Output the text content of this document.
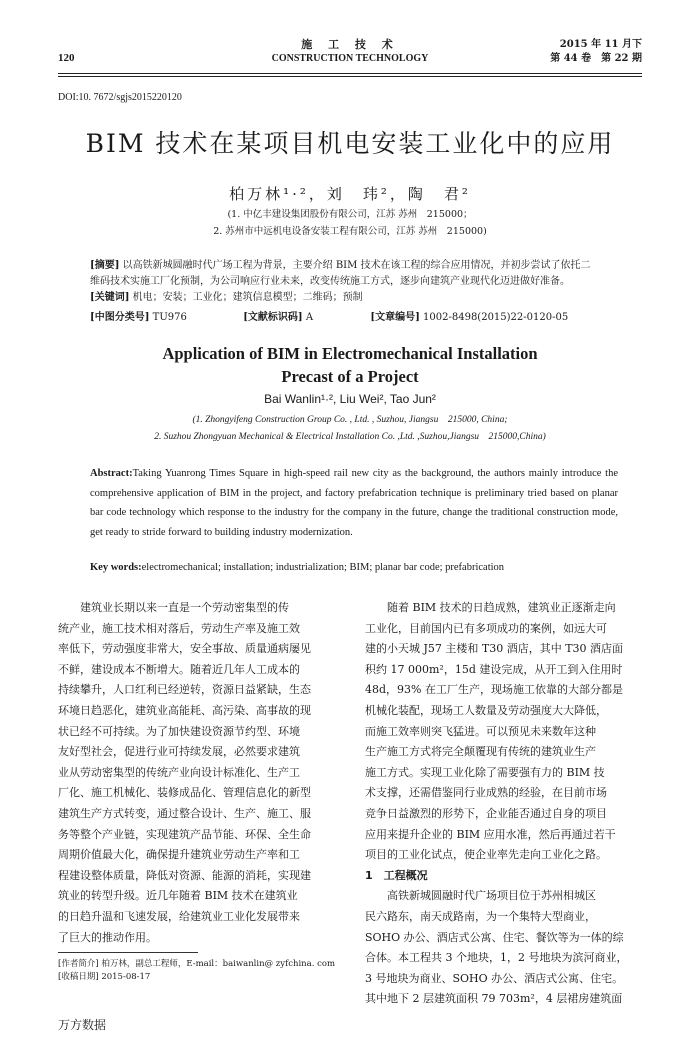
120
施 工 技 术
CONSTRUCTION TECHNOLOGY
2015 年 11 月下
第 44 卷　第 22 期
DOI:10. 7672/sgjs2015220120
BIM 技术在某项目机电安装工业化中的应用
柏万林¹·²，刘　玮²，陶　君²
(1. 中亿丰建设集团股份有限公司，江苏 苏州　215000；
2. 苏州市中远机电设备安装工程有限公司，江苏 苏州　215000)
[摘要] 以高铁新城圆融时代广场工程为背景，主要介绍 BIM 技术在该工程的综合应用情况，并初步尝试了依托二
维码技术实施工厂化预制，为公司响应行业未来，改变传统施工方式，逐步向建筑产业现代化迈进做好准备。
[关键词] 机电；安装；工业化；建筑信息模型；二维码；预制
[中图分类号] TU976	[文献标识码] A	[文章编号] 1002-8498(2015)22-0120-05
Application of BIM in Electromechanical Installation
Precast of a Project
Bai Wanlin¹·², Liu Wei², Tao Jun²
(1. Zhongyifeng Construction Group Co. , Ltd. , Suzhou, Jiangsu　215000, China;
2. Suzhou Zhongyuan Mechanical & Electrical Installation Co. ,Ltd. ,Suzhou,Jiangsu　215000,China)
Abstract:Taking Yuanrong Times Square in high-speed rail new city as the background, the authors mainly introduce the comprehensive application of BIM in the project, and factory prefabrication technique is preliminary tried based on planar bar code technology which response to the industry for the company in the future, change the traditional construction mode, get ready to stride forward to building industry modernization.
Key words:electromechanical; installation; industrialization; BIM; planar bar code; prefabrication

建筑业长期以来一直是一个劳动密集型的传

统产业，施工技术相对落后，劳动生产率及施工效
率低下，劳动强度非常大，安全事故、质量通病屡见
不鲜，建设成本不断增大。随着近几年人工成本的
持续攀升，人口红利已经逆转，资源日益紧缺，生态
环境日趋恶化，建筑业高能耗、高污染、高事故的现
状已经不可持续。为了加快建设资源节约型、环境
友好型社会，促进行业可持续发展，必然要求建筑
业从劳动密集型的传统产业向设计标准化、生产工
厂化、施工机械化、装修成品化、管理信息化的新型
建筑生产方式转变，通过整合设计、生产、施工、服
务等整个产业链，实现建筑产品节能、环保、全生命
周期价值最大化，确保提升建筑业劳动生产率和工
程建设整体质量，降低对资源、能源的消耗，实现建
筑业的转型升级。近几年随着 BIM 技术在建筑业
的日趋升温和飞速发展，给建筑业工业化发展带来
了巨大的推动作用。
随着 BIM 技术的日趋成熟，建筑业正逐渐走向
工业化，目前国内已有多项成功的案例，如远大可
建的小天城 J57 主楼和 T30 酒店，其中 T30 酒店面
积约 17 000m²，15d 建设完成，从开工到入住用时
48d，93% 在工厂生产，现场施工依靠的大部分都是
机械化装配，现场工人数量及劳动强度大大降低，
而施工效率则突飞猛进。可以预见未来数年这种
生产施工方式将完全颠覆现有传统的建筑业生产
施工方式。实现工业化除了需要强有力的 BIM 技
术支撑，还需借鉴同行业成熟的经验，在目前市场
竞争日益激烈的形势下，企业能否通过自身的项目
应用来提升企业的 BIM 应用水准，然后再通过若干
项目的工业化试点，使企业率先走向工业化之路。
1　工程概况
高铁新城圆融时代广场项目位于苏州相城区
民六路东，南天成路南，为一个集特大型商业，
SOHO 办公、酒店式公寓、住宅、餐饮等为一体的综
合体。本工程共 3 个地块，1，2 号地块为滨河商业，
3 号地块为商业、SOHO 办公、酒店式公寓、住宅。
其中地下 2 层建筑面积 79 703m²，4 层裙房建筑面
[作者简介] 柏万林，副总工程师，E-mail：baiwanlin@ zyfchina. com
[收稿日期] 2015-08-17
万方数据
